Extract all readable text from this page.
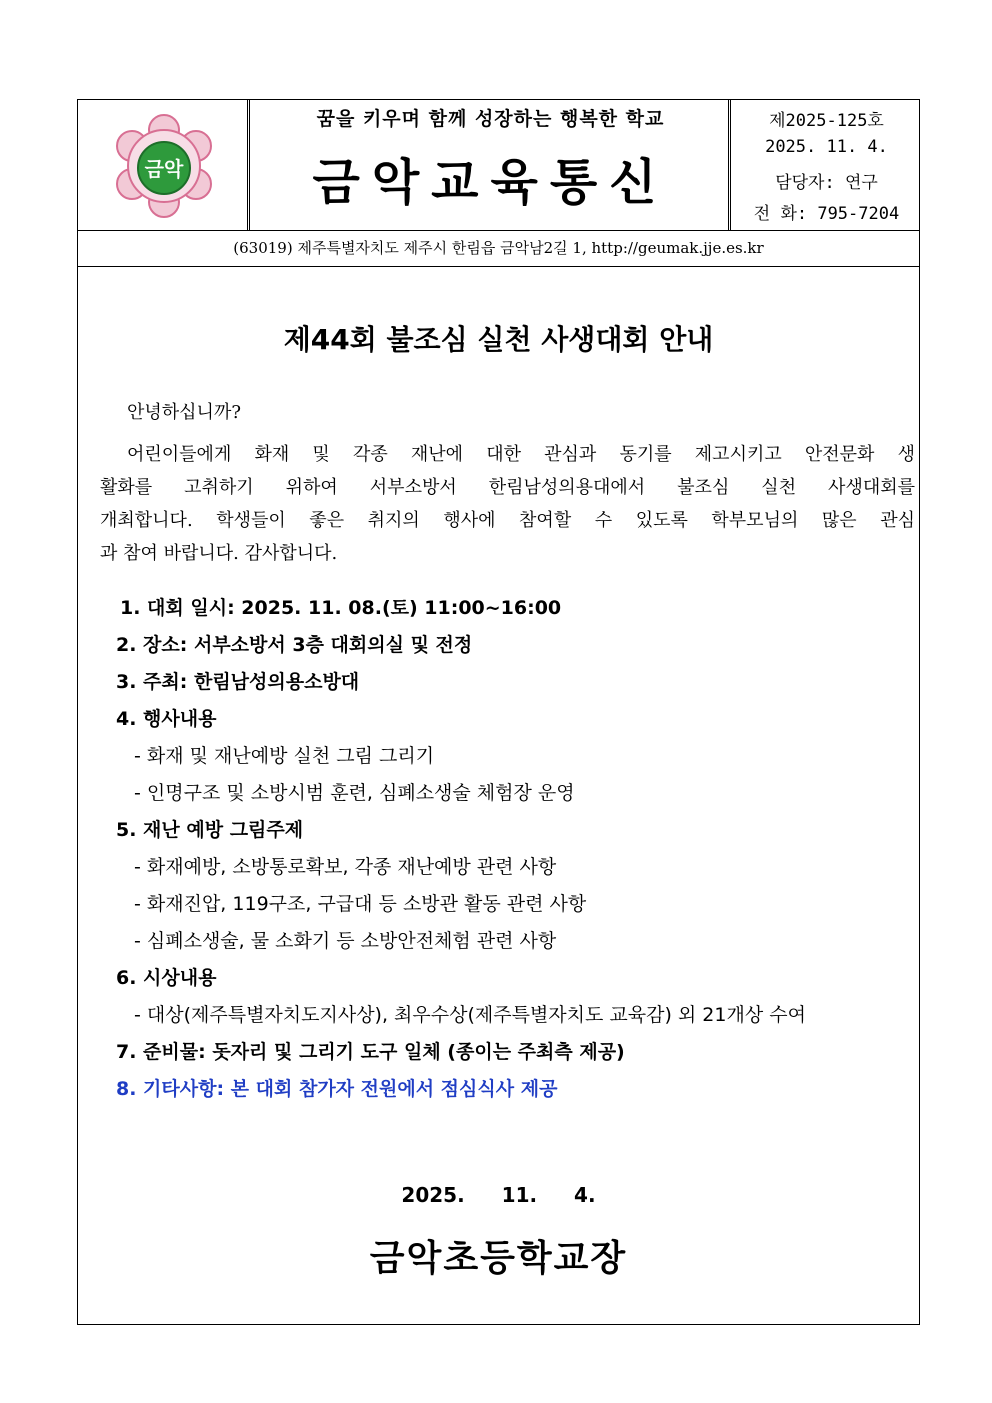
금악
꿈을 키우며 함께 성장하는 행복한 학교
금악교육통신
제2025-125호
2025. 11. 4.
담당자: 연구
전 화: 795-7204
(63019) 제주특별자치도 제주시 한림읍 금악남2길 1, http://geumak.jje.es.kr
제44회 불조심 실천 사생대회 안내
안녕하십니까?
어린이들에게 화재 및 각종 재난에 대한 관심과 동기를 제고시키고 안전문화 생
활화를 고취하기 위하여 서부소방서 한림남성의용대에서 불조심 실천 사생대회를
개최합니다. 학생들이 좋은 취지의 행사에 참여할 수 있도록 학부모님의 많은 관심
과 참여 바랍니다. 감사합니다.
1. 대회 일시: 2025. 11. 08.(토) 11:00~16:00
2. 장소: 서부소방서 3층 대회의실 및 전정
3. 주최: 한림남성의용소방대
4. 행사내용
- 화재 및 재난예방 실천 그림 그리기
- 인명구조 및 소방시범 훈련, 심폐소생술 체험장 운영
5. 재난 예방 그림주제
- 화재예방, 소방통로확보, 각종 재난예방 관련 사항
- 화재진압, 119구조, 구급대 등 소방관 활동 관련 사항
- 심폐소생술, 물 소화기 등 소방안전체험 관련 사항
6. 시상내용
- 대상(제주특별자치도지사상), 최우수상(제주특별자치도 교육감) 외 21개상 수여
7. 준비물: 돗자리 및 그리기 도구 일체 (종이는 주최측 제공)
8. 기타사항: 본 대회 참가자 전원에서 점심식사 제공
2025. 11. 4.
금악초등학교장
